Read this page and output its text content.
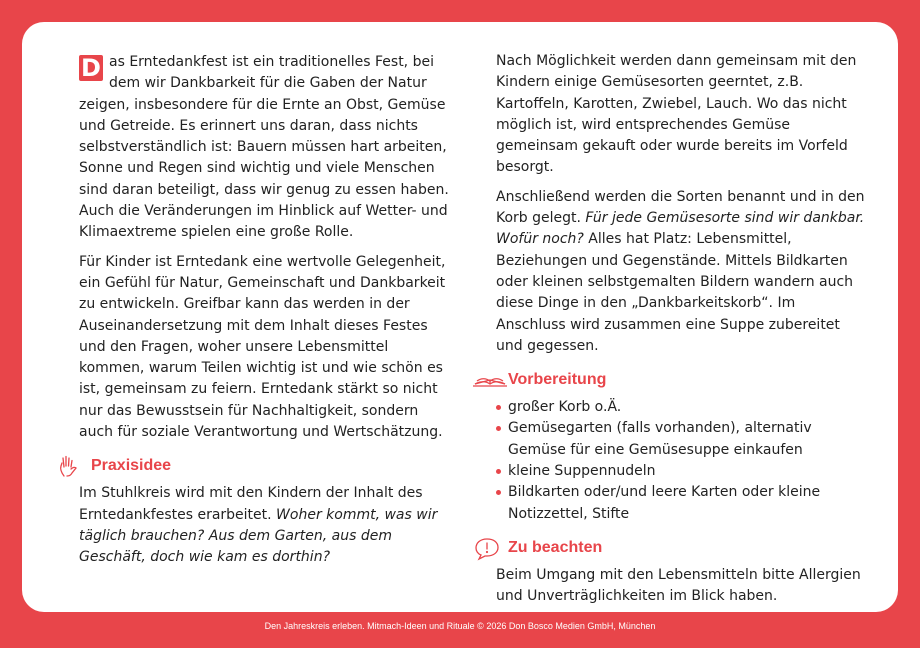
D as Erntedankfest ist ein traditionelles Fest, bei dem wir Dankbarkeit für die Gaben der Natur zeigen, insbesondere für die Ernte an Obst, Gemüse und Getreide. Es erinnert uns daran, dass nichts selbstverständlich ist: Bauern müssen hart arbeiten, Sonne und Regen sind wichtig und viele Menschen sind daran beteiligt, dass wir genug zu essen haben. Auch die Veränderungen im Hinblick auf Wetter- und Klimaextreme spielen eine große Rolle.

Für Kinder ist Erntedank eine wertvolle Gelegenheit, ein Gefühl für Natur, Gemeinschaft und Dankbarkeit zu entwickeln. Greifbar kann das werden in der Auseinandersetzung mit dem Inhalt dieses Festes und den Fragen, woher unsere Lebensmittel kommen, warum Teilen wichtig ist und wie schön es ist, gemeinsam zu feiern. Erntedank stärkt so nicht nur das Bewusstsein für Nachhaltigkeit, sondern auch für soziale Verantwortung und Wertschätzung.

Praxisidee

Im Stuhlkreis wird mit den Kindern der Inhalt des Erntedankfestes erarbeitet. Woher kommt, was wir täglich brauchen? Aus dem Garten, aus dem Geschäft, doch wie kam es dorthin?

Nach Möglichkeit werden dann gemeinsam mit den Kindern einige Gemüsesorten geerntet, z.B. Kartoffeln, Karotten, Zwiebel, Lauch. Wo das nicht möglich ist, wird entsprechendes Gemüse gemeinsam gekauft oder wurde bereits im Vorfeld besorgt.

Anschließend werden die Sorten benannt und in den Korb gelegt. Für jede Gemüsesorte sind wir dankbar. Wofür noch? Alles hat Platz: Lebensmittel, Beziehungen und Gegenstände. Mittels Bildkarten oder kleinen selbstgemalten Bildern wandern auch diese Dinge in den „Dankbarkeitskorb“. Im Anschluss wird zusammen eine Suppe zubereitet und gegessen.

Vorbereitung
großer Korb o.Ä.
Gemüsegarten (falls vorhanden), alternativ Gemüse für eine Gemüsesuppe einkaufen
kleine Suppennudeln
Bildkarten oder/und leere Karten oder kleine Notizzettel, Stifte
Zu beachten

Beim Umgang mit den Lebensmitteln bitte Allergien und Unverträglichkeiten im Blick haben.

Den Jahreskreis erleben. Mitmach-Ideen und Rituale © 2026 Don Bosco Medien GmbH, München
